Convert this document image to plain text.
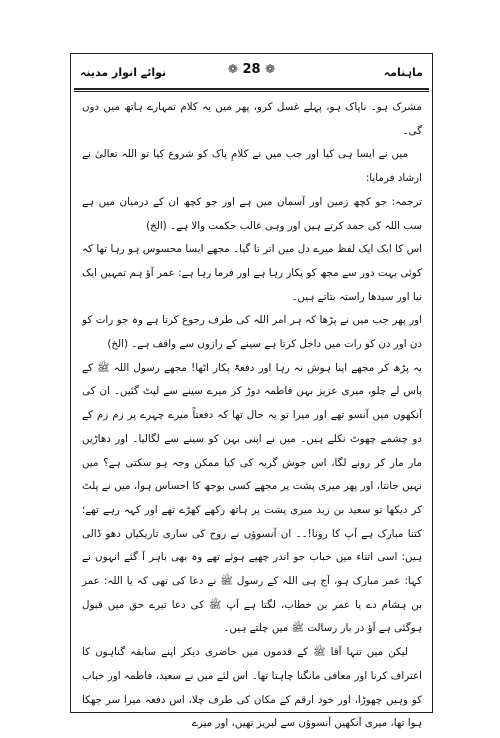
ماہنامہ
❁ 28 ❁
نوائے انوار مدینہ

مشرک ہو۔ ناپاک ہو، پہلے غسل کرو، پھر میں یہ کلام تمہارے ہاتھ میں دوں گی۔

میں نے ایسا ہی کیا اور جب میں نے کلامِ پاک کو شروع کیا تو اللہ تعالیٰ نے ارشاد فرمایا:

ترجمہ: جو کچھ زمین اور آسمان میں ہے اور جو کچھ ان کے درمیان میں ہے سب اللہ کی حمد کرتے ہیں اور وہی غالب حکمت والا ہے۔ (الخ)

اس کا ایک ایک لفظ میرے دل میں اتر تا گیا۔ مجھے ایسا محسوس ہو رہا تھا کہ کوئی بہت دور سے مجھ کو پکار رہا ہے اور فرما رہا ہے: عمر آؤ ہم تمہیں ایک نیا اور سیدھا راستہ بتاتے ہیں۔

اور پھر جب میں نے پڑھا کہ ہر امر اللہ کی طرف رجوع کرتا ہے وہ جو رات کو دن اور دن کو رات میں داخل کرتا ہے سینے کے رازوں سے واقف ہے۔ (الخ)

یہ پڑھ کر مجھے اپنا ہوش نہ رہا اور دفعۃً پکار اٹھا! مجھے رسول اللہ ﷺ کے پاس لے چلو، میری عزیز بہن فاطمہ دوڑ کر میرے سینے سے لپٹ گئیں۔ ان کی آنکھوں میں آنسو تھے اور میرا تو یہ حال تھا کہ دفعتاً میرے چہرے پر زم زم کے دو چشمے چھوٹ نکلے ہیں۔ میں نے اپنی بہن کو سینے سے لگالیا۔ اور دھاڑیں مار مار کر رونے لگا، اس جوش گریہ کی کیا ممکن وجہ ہو سکتی ہے؟ میں نہیں جانتا، اور پھر میری پشت پر مجھے کسی بوجھ کا احساس ہوا، میں نے پلٹ کر دیکھا تو سعید بن زید میری پشت پر ہاتھ رکھے کھڑے تھے اور کہہ رہے تھے؛ کتنا مبارک ہے آپ کا رونا!۔۔ ان آنسوؤں نے روح کی ساری تاریکیاں دھو ڈالی ہیں: اسی اثناء میں خباب جو اندر چھپے ہوئے تھے وہ بھی باہر آ گئے انہوں نے کہا: عمر مبارک ہو، آج ہی اللہ کے رسول ﷺ نے دعا کی تھی کہ یا اللہ: عمر بن ہشام دے یا عمر بن خطاب، لگتا ہے آپ ﷺ کی دعا تیرے حق میں قبول ہوگئی ہے آؤ در بار رسالت ﷺ میں چلتے ہیں۔

لیکن میں تنہا آقا ﷺ کے قدموں میں حاضری دیکر اپنے سابقہ گناہوں کا اعتراف کرنا اور معافی مانگنا چاہتا تھا۔ اس لئے میں نے سعید، فاطمہ اور خباب کو وہیں چھوڑا، اور خود ارقم کے مکان کی طرف چلا، اس دفعہ میرا سر جھکا ہوا تھا، میری آنکھیں آنسوؤں سے لبریز تھیں، اور میرے
